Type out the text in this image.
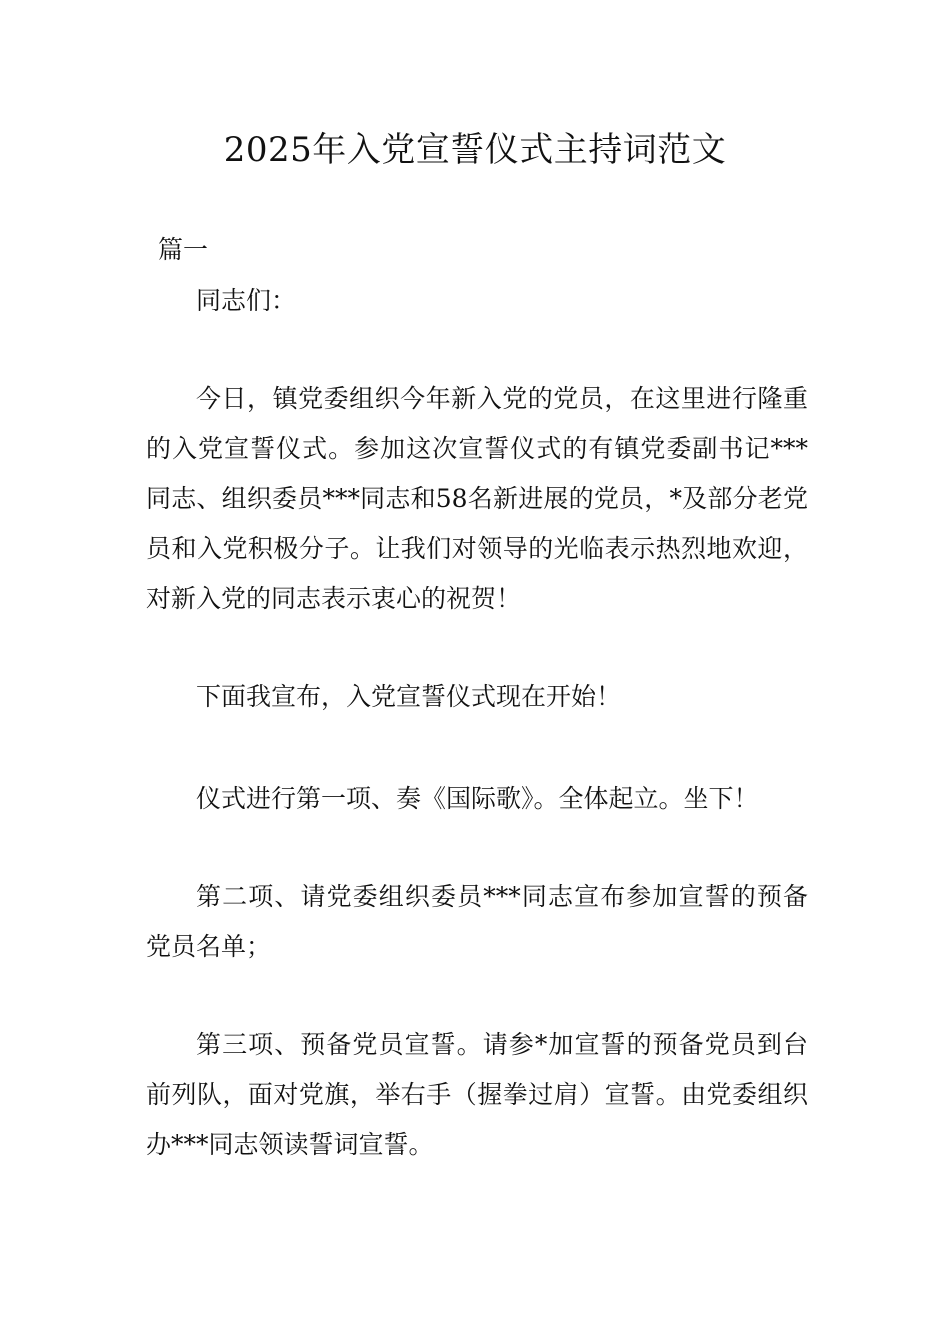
2025年入党宣誓仪式主持词范文
篇一

同志们：

今日，镇党委组织今年新入党的党员，在这里进行隆重的入党宣誓仪式。参加这次宣誓仪式的有镇党委副书记***同志、组织委员***同志和58名新进展的党员，*及部分老党员和入党积极分子。让我们对领导的光临表示热烈地欢迎，对新入党的同志表示衷心的祝贺！

下面我宣布，入党宣誓仪式现在开始！

仪式进行第一项、奏《国际歌》。全体起立。坐下！

第二项、请党委组织委员***同志宣布参加宣誓的预备党员名单；

第三项、预备党员宣誓。请参*加宣誓的预备党员到台前列队，面对党旗，举右手（握拳过肩）宣誓。由党委组织办***同志领读誓词宣誓。
